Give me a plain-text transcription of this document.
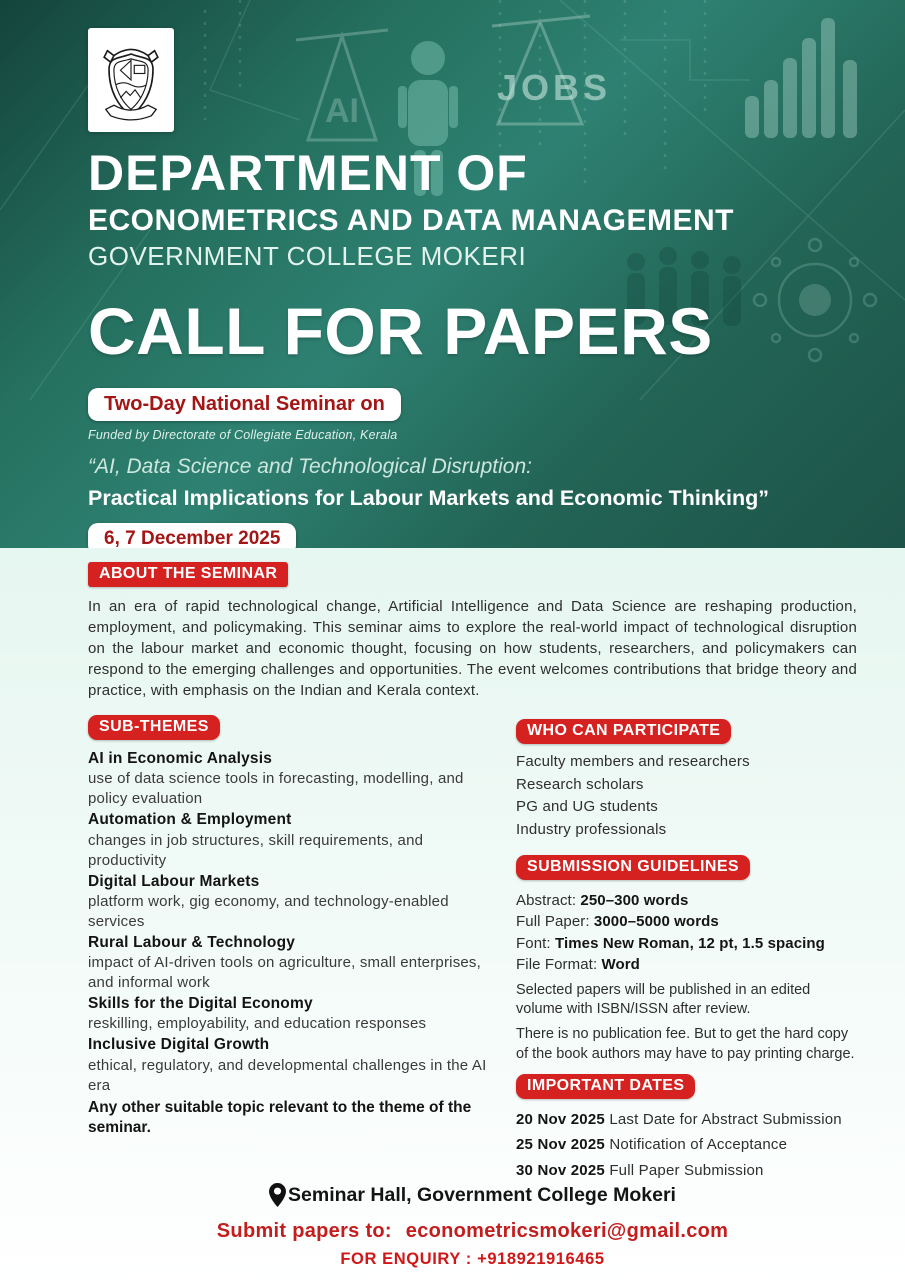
AI
JOBS
DEPARTMENT OF
ECONOMETRICS AND DATA MANAGEMENT
GOVERNMENT COLLEGE MOKERI
CALL FOR PAPERS
Two-Day National Seminar on
Funded by Directorate of Collegiate Education, Kerala
“AI, Data Science and Technological Disruption:
Practical Implications for Labour Markets and Economic Thinking”
6, 7 December 2025
ABOUT THE SEMINAR

In an era of rapid technological change, Artificial Intelligence and Data Science are reshaping production, employment, and policymaking. This seminar aims to explore the real-world impact of technological disruption on the labour market and economic thought, focusing on how students, researchers, and policymakers can respond to the emerging challenges and opportunities. The event welcomes contributions that bridge theory and practice, with emphasis on the Indian and Kerala context.

SUB-THEMES
AI in Economic Analysis
use of data science tools in forecasting, modelling, and policy evaluation
Automation & Employment
changes in job structures, skill requirements, and productivity
Digital Labour Markets
platform work, gig economy, and technology-enabled services
Rural Labour & Technology
impact of AI-driven tools on agriculture, small enterprises, and informal work
Skills for the Digital Economy
reskilling, employability, and education responses
Inclusive Digital Growth
ethical, regulatory, and developmental challenges in the AI era
Any other suitable topic relevant to the theme of the seminar.
WHO CAN PARTICIPATE
Faculty members and researchers
Research scholars
PG and UG students
Industry professionals
SUBMISSION GUIDELINES
Abstract: 250–300 words
Full Paper: 3000–5000 words
Font: Times New Roman, 12 pt, 1.5 spacing
File Format: Word

Selected papers will be published in an edited volume with ISBN/ISSN after review.

There is no publication fee. But to get the hard copy of the book authors may have to pay printing charge.

IMPORTANT DATES
20 Nov 2025 Last Date for Abstract Submission
25 Nov 2025 Notification of Acceptance
30 Nov 2025 Full Paper Submission
Seminar Hall, Government College Mokeri
Submit papers to: econometricsmokeri@gmail.com
FOR ENQUIRY : +918921916465
